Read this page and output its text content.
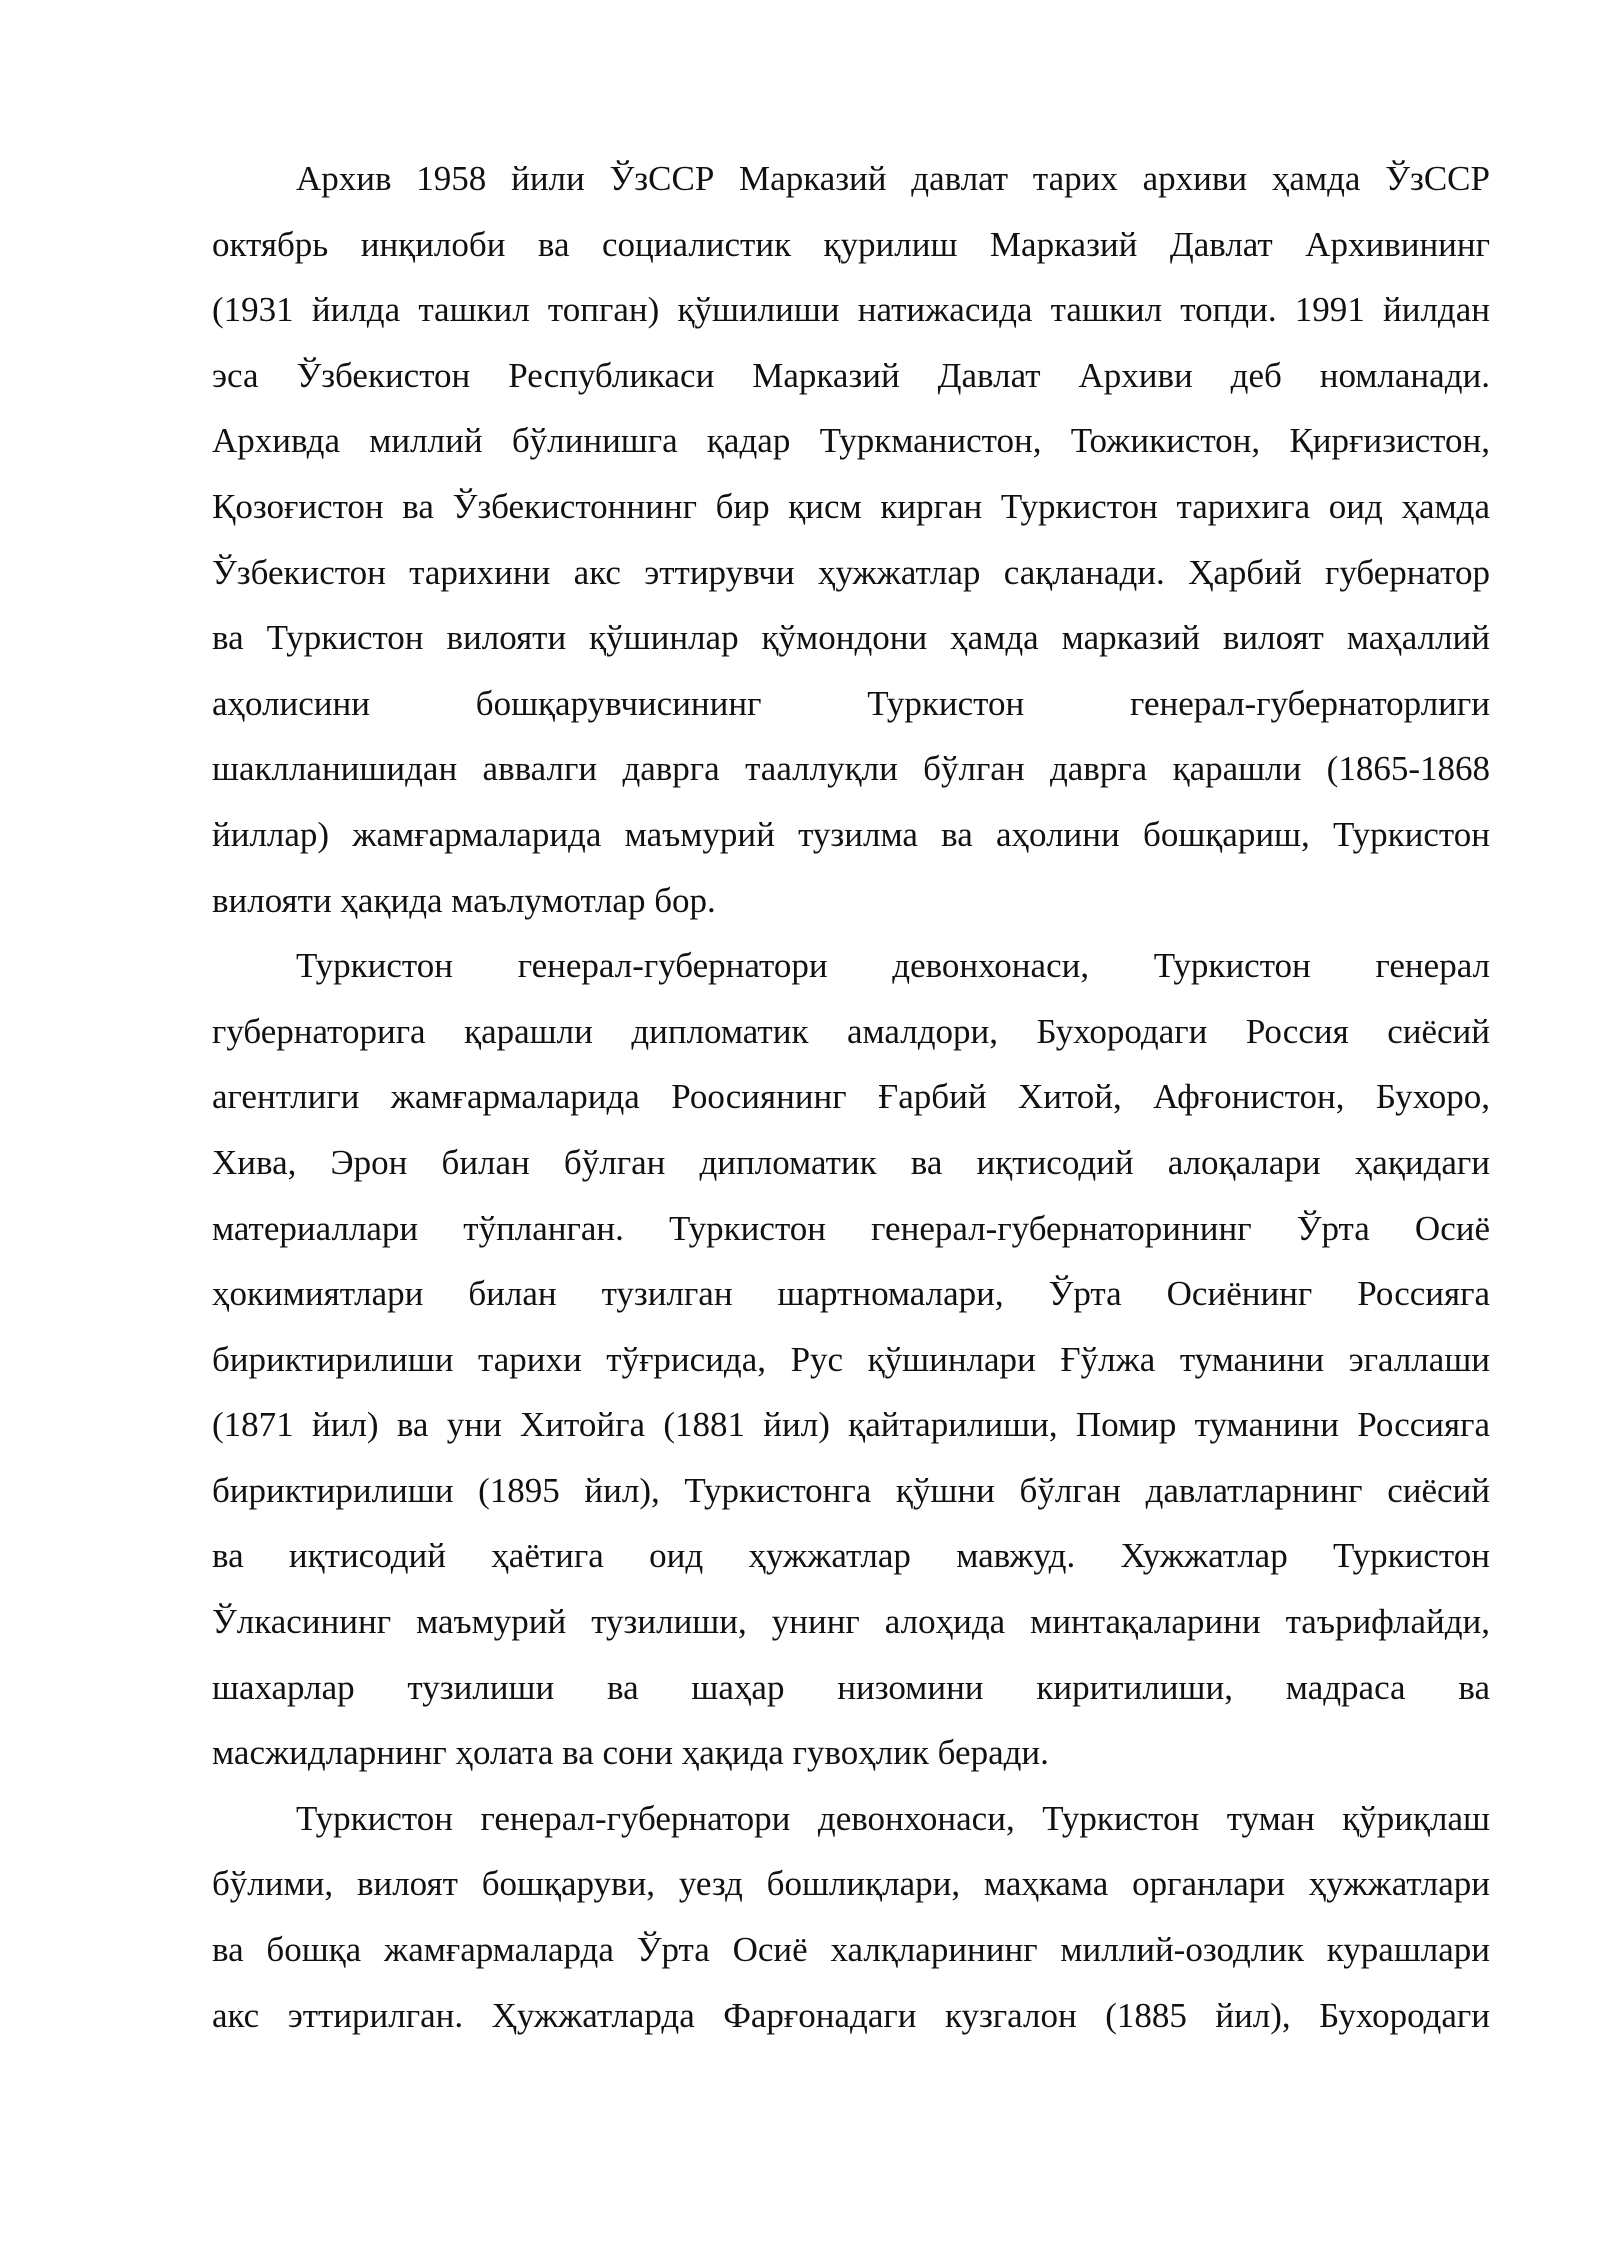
Архив 1958 йили ЎзССР Марказий давлат тарих архиви ҳамда ЎзССР
октябрь инқилоби ва социалистик қурилиш Марказий Давлат Архивининг
(1931 йилда ташкил топган) қўшилиши натижасида ташкил топди. 1991 йилдан
эса Ўзбекистон Республикаси Марказий Давлат Архиви деб номланади.
Архивда миллий бўлинишга қадар Туркманистон, Тожикистон, Қирғизистон,
Қозоғистон ва Ўзбекистоннинг бир қисм кирган Туркистон тарихига оид ҳамда
Ўзбекистон тарихини акс эттирувчи ҳужжатлар сақланади. Ҳарбий губернатор
ва Туркистон вилояти қўшинлар қўмондони ҳамда марказий вилоят маҳаллий
аҳолисини бошқарувчисининг Туркистон генерал-губернаторлиги
шаклланишидан аввалги даврга тааллуқли бўлган даврга қарашли (1865-1868
йиллар) жамғармаларида маъмурий тузилма ва аҳолини бошқариш, Туркистон
вилояти ҳақида маълумотлар бор.
Туркистон генерал-губернатори девонхонаси, Туркистон генерал
губернаторига қарашли дипломатик амалдори, Бухородаги Россия сиёсий
агентлиги жамғармаларида Роосиянинг Ғарбий Хитой, Афғонистон, Бухоро,
Хива, Эрон билан бўлган дипломатик ва иқтисодий алоқалари ҳақидаги
материаллари тўпланган. Туркистон генерал-губернаторининг Ўрта Осиё
ҳокимиятлари билан тузилган шартномалари, Ўрта Осиёнинг Россияга
бириктирилиши тарихи тўғрисида, Рус қўшинлари Ғўлжа туманини эгаллаши
(1871 йил) ва уни Хитойга (1881 йил) қайтарилиши, Помир туманини Россияга
бириктирилиши (1895 йил), Туркистонга қўшни бўлган давлатларнинг сиёсий
ва иқтисодий ҳаётига оид ҳужжатлар мавжуд. Хужжатлар Туркистон
Ўлкасининг маъмурий тузилиши, унинг алоҳида минтақаларини таърифлайди,
шахарлар тузилиши ва шаҳар низомини киритилиши, мадраса ва
масжидларнинг ҳолата ва сони ҳақида гувоҳлик беради.
Туркистон генерал-губернатори девонхонаси, Туркистон туман қўриқлаш
бўлими, вилоят бошқаруви, уезд бошлиқлари, маҳкама органлари ҳужжатлари
ва бошқа жамғармаларда Ўрта Осиё халқларининг миллий-озодлик курашлари
акс эттирилган. Ҳужжатларда Фарғонадаги кузгалон (1885 йил), Бухородаги
